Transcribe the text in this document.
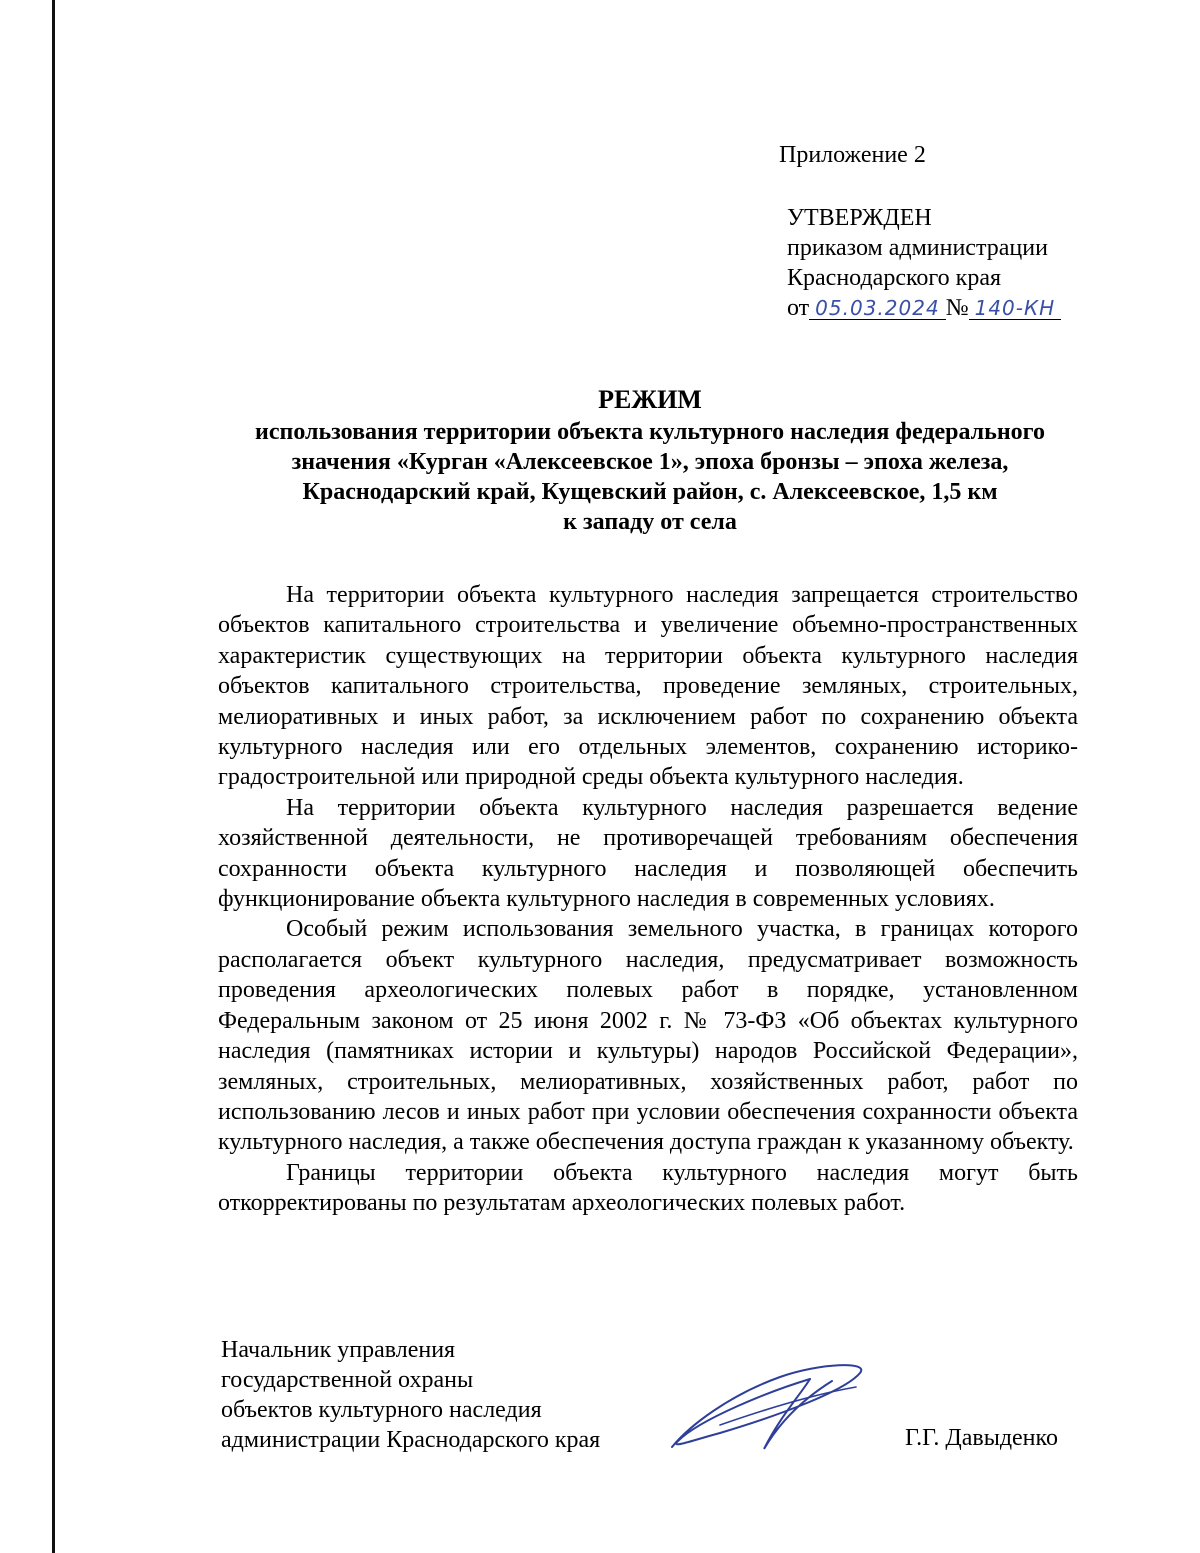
Приложение 2
УТВЕРЖДЕН
приказом администрации
Краснодарского края
от 05.03.2024 № 140-КН
РЕЖИМ
использования территории объекта культурного наследия федерального
значения «Курган «Алексеевское 1», эпоха бронзы – эпоха железа,
Краснодарский край, Кущевский район, с. Алексеевское, 1,5 км
к западу от села

На территории объекта культурного наследия запрещается строительство объектов капитального строительства и увеличение объемно-пространственных характеристик существующих на территории объекта культурного наследия объектов капитального строительства, проведение земляных, строительных, мелиоративных и иных работ, за исключением работ по сохранению объекта культурного наследия или его отдельных элементов, сохранению историко-градостроительной или природной среды объекта культурного наследия.

На территории объекта культурного наследия разрешается ведение хозяйственной деятельности, не противоречащей требованиям обеспечения сохранности объекта культурного наследия и позволяющей обеспечить функционирование объекта культурного наследия в современных условиях.

Особый режим использования земельного участка, в границах которого располагается объект культурного наследия, предусматривает возможность проведения археологических полевых работ в порядке, установленном Федеральным законом от 25 июня 2002 г. № 73-ФЗ «Об объектах культурного наследия (памятниках истории и культуры) народов Российской Федерации», земляных, строительных, мелиоративных, хозяйственных работ, работ по использованию лесов и иных работ при условии обеспечения сохранности объекта культурного наследия, а также обеспечения доступа граждан к указанному объекту.

Границы территории объекта культурного наследия могут быть откорректированы по результатам археологических полевых работ.

Начальник управления
государственной охраны
объектов культурного наследия
администрации Краснодарского края	Г.Г. Давыденко
